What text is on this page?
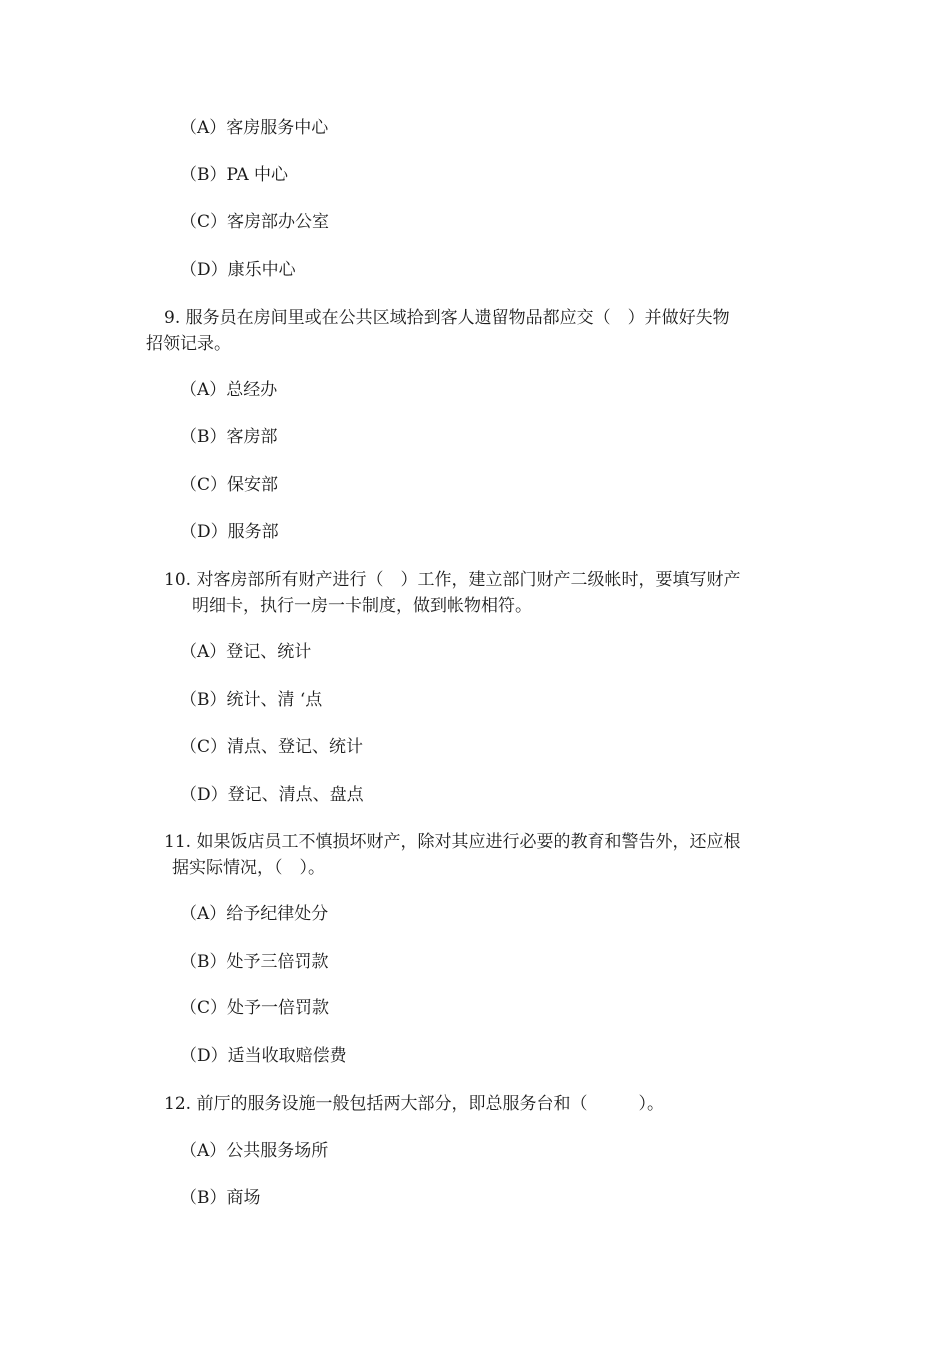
（A）客房服务中心
（B）PA 中心
（C）客房部办公室
（D）康乐中心
9. 服务员在房间里或在公共区域拾到客人遗留物品都应交（　）并做好失物
招领记录。
（A）总经办
（B）客房部
（C）保安部
（D）服务部
10. 对客房部所有财产进行（　）工作，建立部门财产二级帐时，要填写财产
明细卡，执行一房一卡制度，做到帐物相符。
（A）登记、统计
（B）统计、清 ‘点
（C）清点、登记、统计
（D）登记、清点、盘点
11. 如果饭店员工不慎损坏财产，除对其应进行必要的教育和警告外，还应根
据实际情况，（　）。
（A）给予纪律处分
（B）处予三倍罚款
（C）处予一倍罚款
（D）适当收取赔偿费
12. 前厅的服务设施一般包括两大部分，即总服务台和（　　　）。
（A）公共服务场所
（B）商场
